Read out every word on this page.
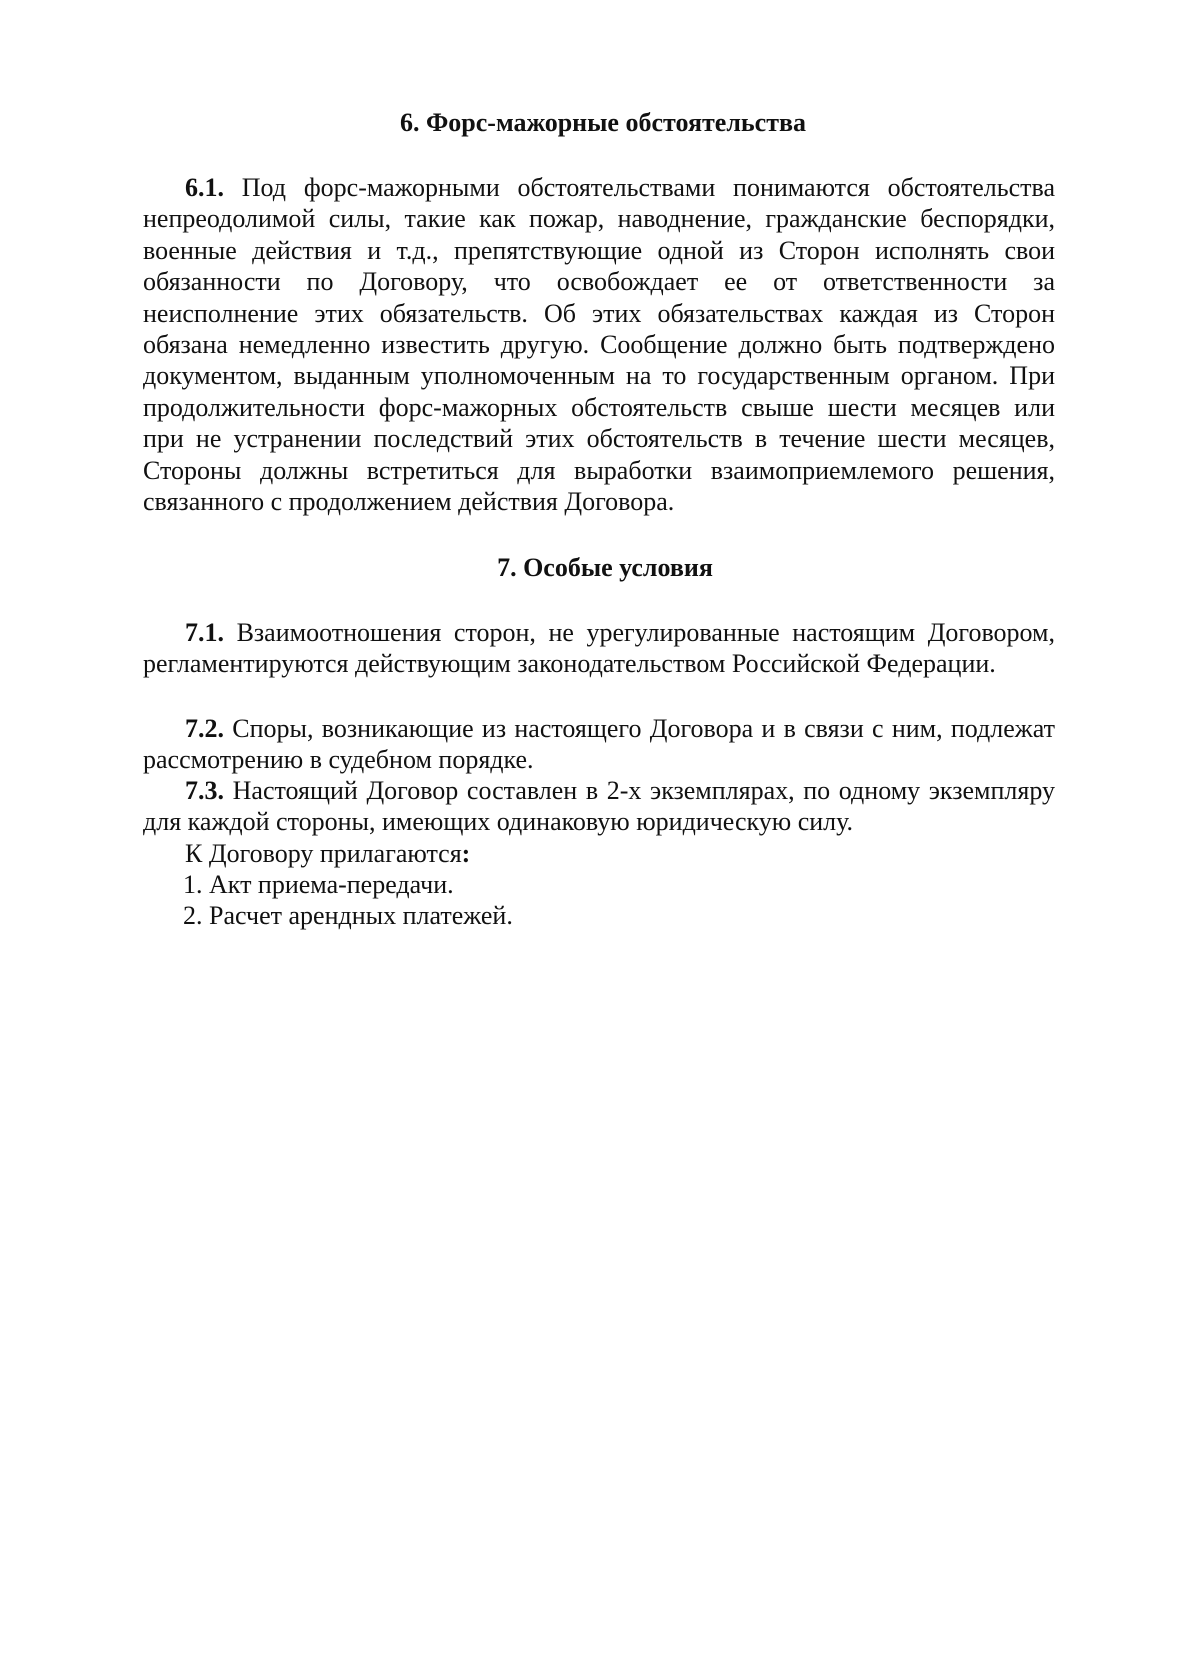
6. Форс-мажорные обстоятельства

6.1. Под форс-мажорными обстоятельствами понимаются обстоятельства непреодолимой силы, такие как пожар, наводнение, гражданские беспорядки, военные действия и т.д., препятствующие одной из Сторон исполнять свои обязанности по Договору, что освобождает ее от ответственности за неисполнение этих обязательств. Об этих обязательствах каждая из Сторон обязана немедленно известить другую. Сообщение должно быть подтверждено документом, выданным уполномоченным на то государственным органом. При продолжительности форс-мажорных обстоятельств свыше шести месяцев или при не устранении последствий этих обстоятельств в течение шести месяцев, Стороны должны встретиться для выработки взаимоприемлемого решения, связанного с продолжением действия Договора.

7. Особые условия

7.1. Взаимоотношения сторон, не урегулированные настоящим Договором, регламентируются действующим законодательством Российской Федерации.

7.2. Споры, возникающие из настоящего Договора и в связи с ним, подлежат рассмотрению в судебном порядке.

7.3. Настоящий Договор составлен в 2-х экземплярах, по одному экземпляру для каждой стороны, имеющих одинаковую юридическую силу.

К Договору прилагаются:

1. Акт приема-передачи.

2. Расчет арендных платежей.
